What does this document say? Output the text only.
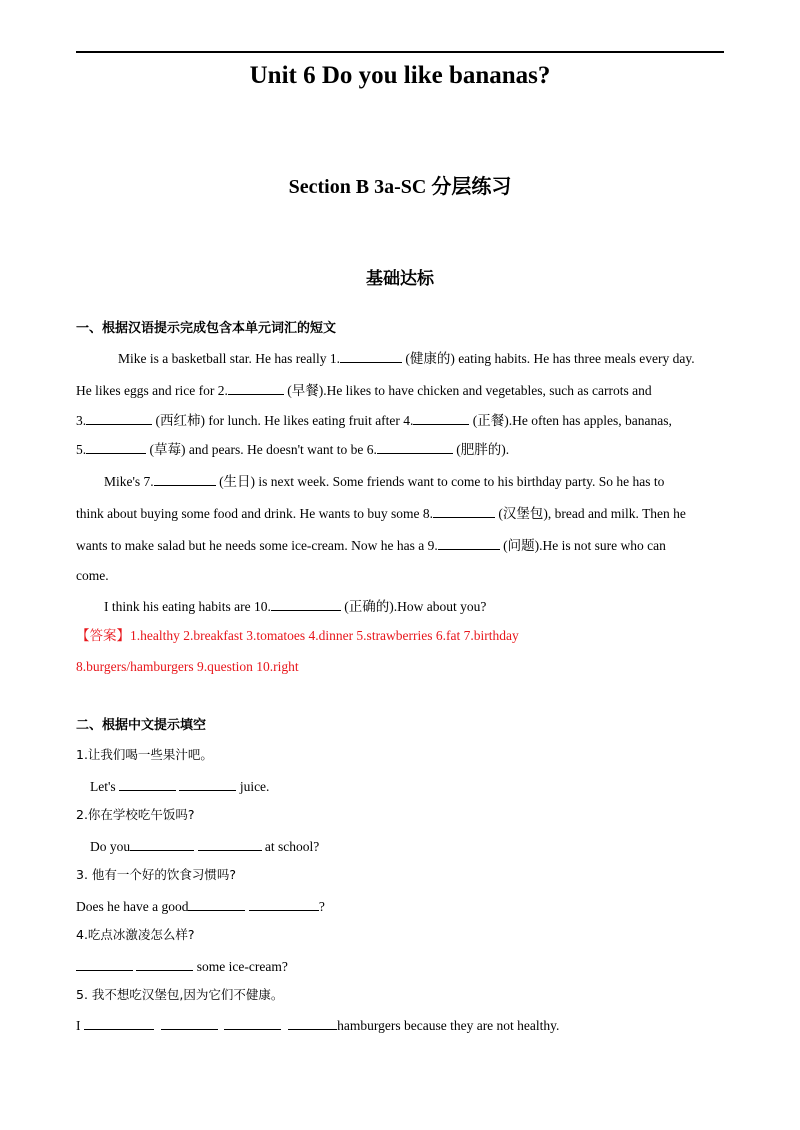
Unit 6 Do you like bananas?
Section B 3a-SC 分层练习
基础达标
一、根据汉语提示完成包含本单元词汇的短文
Mike is a basketball star. He has really 1.	(健康的) eating habits. He has three meals every day.
He likes eggs and rice for 2.	(早餐).He likes to have chicken and vegetables, such as carrots and
3.	(西红柿) for lunch. He likes eating fruit after 4.	(正餐).He often has apples, bananas,
5.	(草莓) and pears. He doesn't want to be 6.	(肥胖的).
Mike's 7.	(生日) is next week. Some friends want to come to his birthday party. So he has to
think about buying some food and drink. He wants to buy some 8.	(汉堡包), bread and milk. Then he
wants to make salad but he needs some ice-cream. Now he has a 9.	(问题).He is not sure who can
come.
I think his eating habits are 10.	(正确的).How about you?
【答案】1.healthy 2.breakfast 3.tomatoes 4.dinner 5.strawberries 6.fat 7.birthday
8.burgers/hamburgers 9.question 10.right
二、根据中文提示填空
1.让我们喝一些果汁吧。
Let's	juice.
2.你在学校吃午饭吗?
Do you	at school?
3. 他有一个好的饮食习惯吗?
Does he have a good	?
4.吃点冰激凌怎么样?
some ice-cream?
5. 我不想吃汉堡包,因为它们不健康。
I	hamburgers because they are not healthy.
